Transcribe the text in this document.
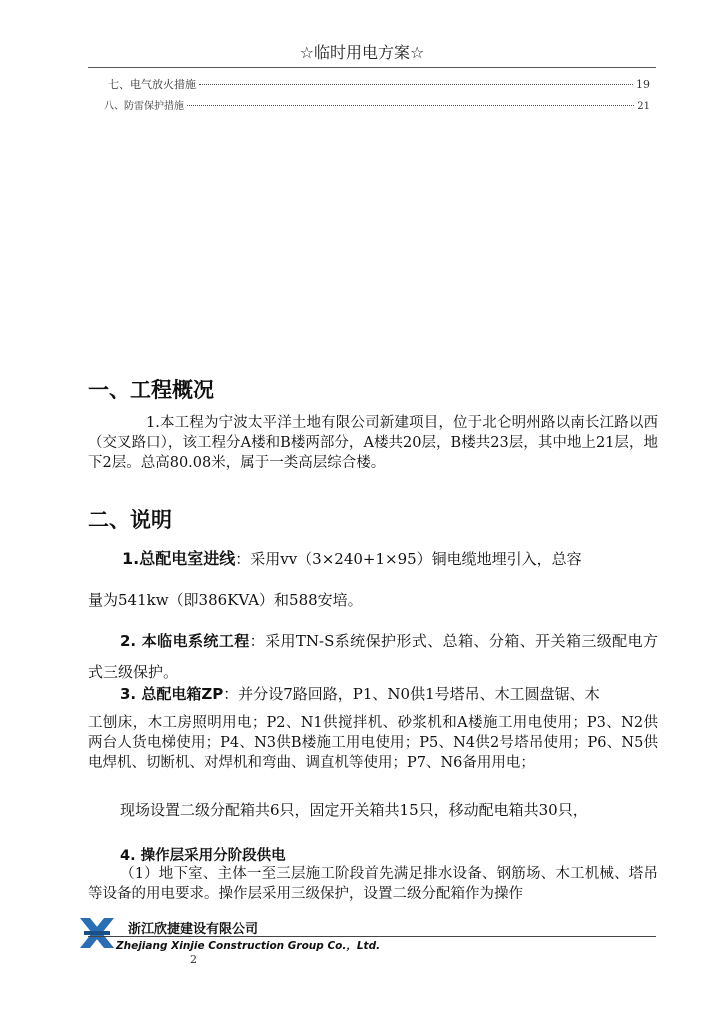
☆临时用电方案☆
七、电气放火措施	19
八、防雷保护措施	21
一、工程概况
1.本工程为宁波太平洋土地有限公司新建项目，位于北仑明州路以南长江路以西（交叉路口），该工程分A楼和B楼两部分，A楼共20层，B楼共23层，其中地上21层，地下2层。总高80.08米，属于一类高层综合楼。
二、说明
1.总配电室进线：采用vv（3×240+1×95）铜电缆地埋引入，总容
量为541kw（即386KVA）和588安培。
2. 本临电系统工程：采用TN-S系统保护形式、总箱、分箱、开关箱三级配电方式三级保护。
3. 总配电箱ZP：并分设7路回路，P1、N0供1号塔吊、木工圆盘锯、木
工刨床，木工房照明用电；P2、N1供搅拌机、砂浆机和A楼施工用电使用；P3、N2供两台人货电梯使用；P4、N3供B楼施工用电使用；P5、N4供2号塔吊使用；P6、N5供电焊机、切断机、对焊机和弯曲、调直机等使用；P7、N6备用用电；
现场设置二级分配箱共6只，固定开关箱共15只，移动配电箱共30只，
4. 操作层采用分阶段供电
（1）地下室、主体一至三层施工阶段首先满足排水设备、钢筋场、木工机械、塔吊等设备的用电要求。操作层采用三级保护，设置二级分配箱作为操作
浙江欣捷建设有限公司
Zhejiang Xinjie Construction Group Co.，Ltd.
2
